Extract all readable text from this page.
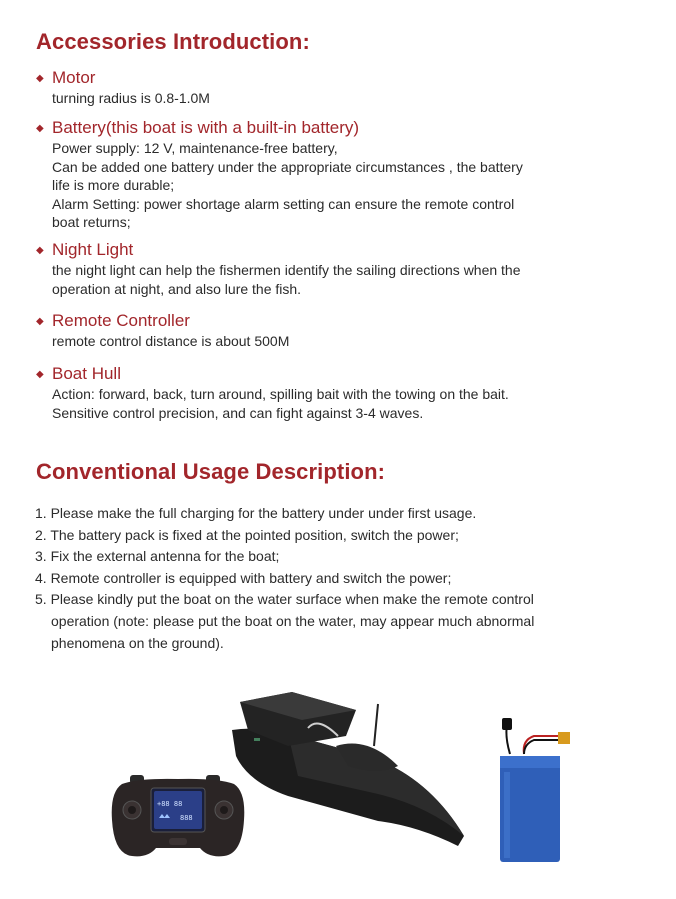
Accessories Introduction:
◆ Motor

turning radius is 0.8-1.0M

◆ Battery(this boat is with a built-in battery)

Power supply: 12 V, maintenance-free battery,

Can be added one battery under the appropriate circumstances , the battery

life is more durable;

Alarm Setting: power shortage alarm setting can ensure the remote control

boat returns;

◆ Night Light

the night light can help the fishermen identify the sailing directions when the

operation at night, and also lure the fish.

◆ Remote Controller

remote control distance is about 500M

◆ Boat Hull

Action: forward, back, turn around, spilling bait with the towing on the bait.

Sensitive control precision, and can fight against 3-4 waves.

Conventional Usage Description:

1. Please make the full charging for the battery under under first usage.

2. The battery pack is fixed at the pointed position, switch the power;

3. Fix the external antenna for the boat;

4. Remote controller is equipped with battery and switch the power;

5. Please kindly put the boat on the water surface when make the remote control

operation (note: please put the boat on the water, may appear much abnormal

phenomena on the ground).

+88 88
888
